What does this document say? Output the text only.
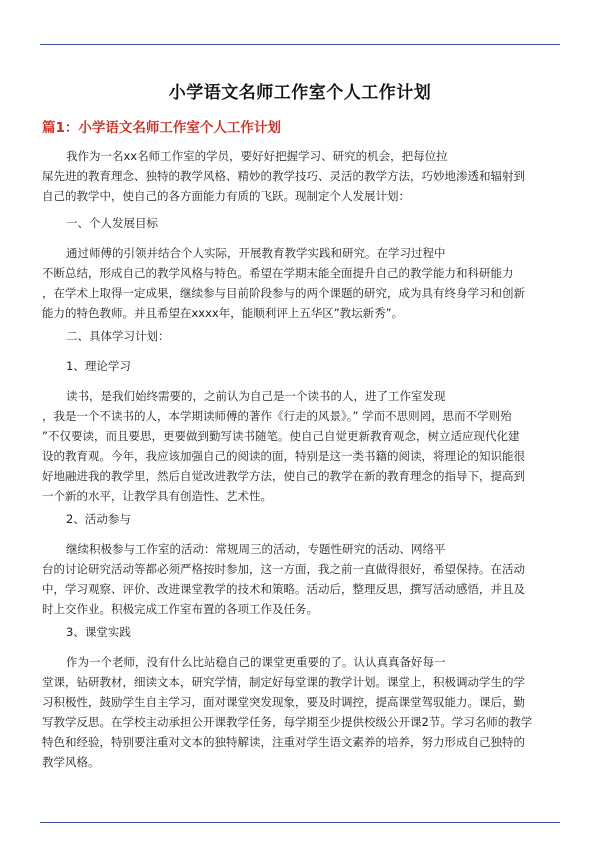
小学语文名师工作室个人工作计划
篇1：小学语文名师工作室个人工作计划

我作为一名xx名师工作室的学员，要好好把握学习、研究的机会，把每位拉
屎先进的教育理念、独特的教学风格、精妙的教学技巧、灵活的教学方法，巧妙地渗透和辐射到
自己的教学中，使自己的各方面能力有质的飞跃。现制定个人发展计划：

一、个人发展目标

通过师傅的引领并结合个人实际，开展教育教学实践和研究。在学习过程中
不断总结，形成自己的教学风格与特色。希望在学期末能全面提升自己的教学能力和科研能力
，在学术上取得一定成果，继续参与目前阶段参与的两个课题的研究，成为具有终身学习和创新
能力的特色教师。并且希望在xxxx年，能顺利评上五华区”教坛新秀”。

二、具体学习计划：

1、理论学习

读书，是我们始终需要的，之前认为自己是一个读书的人，进了工作室发现
，我是一个不读书的人，本学期读师傅的著作《行走的风景》。” 学而不思则罔，思而不学则殆
”不仅要读，而且要思，更要做到勤写读书随笔。使自己自觉更新教育观念，树立适应现代化建
设的教育观。今年，我应该加强自己的阅读的面，特别是这一类书籍的阅读，将理论的知识能很
好地融进我的教学里，然后自觉改进教学方法，使自己的教学在新的教育理念的指导下，提高到
一个新的水平，让教学具有创造性、艺术性。

2、活动参与

继续积极参与工作室的活动：常规周三的活动，专题性研究的活动、网络平
台的讨论研究活动等都必须严格按时参加，这一方面，我之前一直做得很好，希望保持。在活动
中，学习观察、评价、改进课堂教学的技术和策略。活动后，整理反思，撰写活动感悟，并且及
时上交作业。积极完成工作室布置的各项工作及任务。

3、课堂实践

作为一个老师，没有什么比站稳自己的课堂更重要的了。认认真真备好每一
堂课，钻研教材，细读文本，研究学情，制定好每堂课的教学计划。课堂上，积极调动学生的学
习积极性，鼓励学生自主学习，面对课堂突发现象，要及时调控，提高课堂驾驭能力。课后，勤
写教学反思。在学校主动承担公开课教学任务，每学期至少提供校级公开课2节。学习名师的教学
特色和经验，特别要注重对文本的独特解读，注重对学生语文素养的培养，努力形成自己独特的
教学风格。
